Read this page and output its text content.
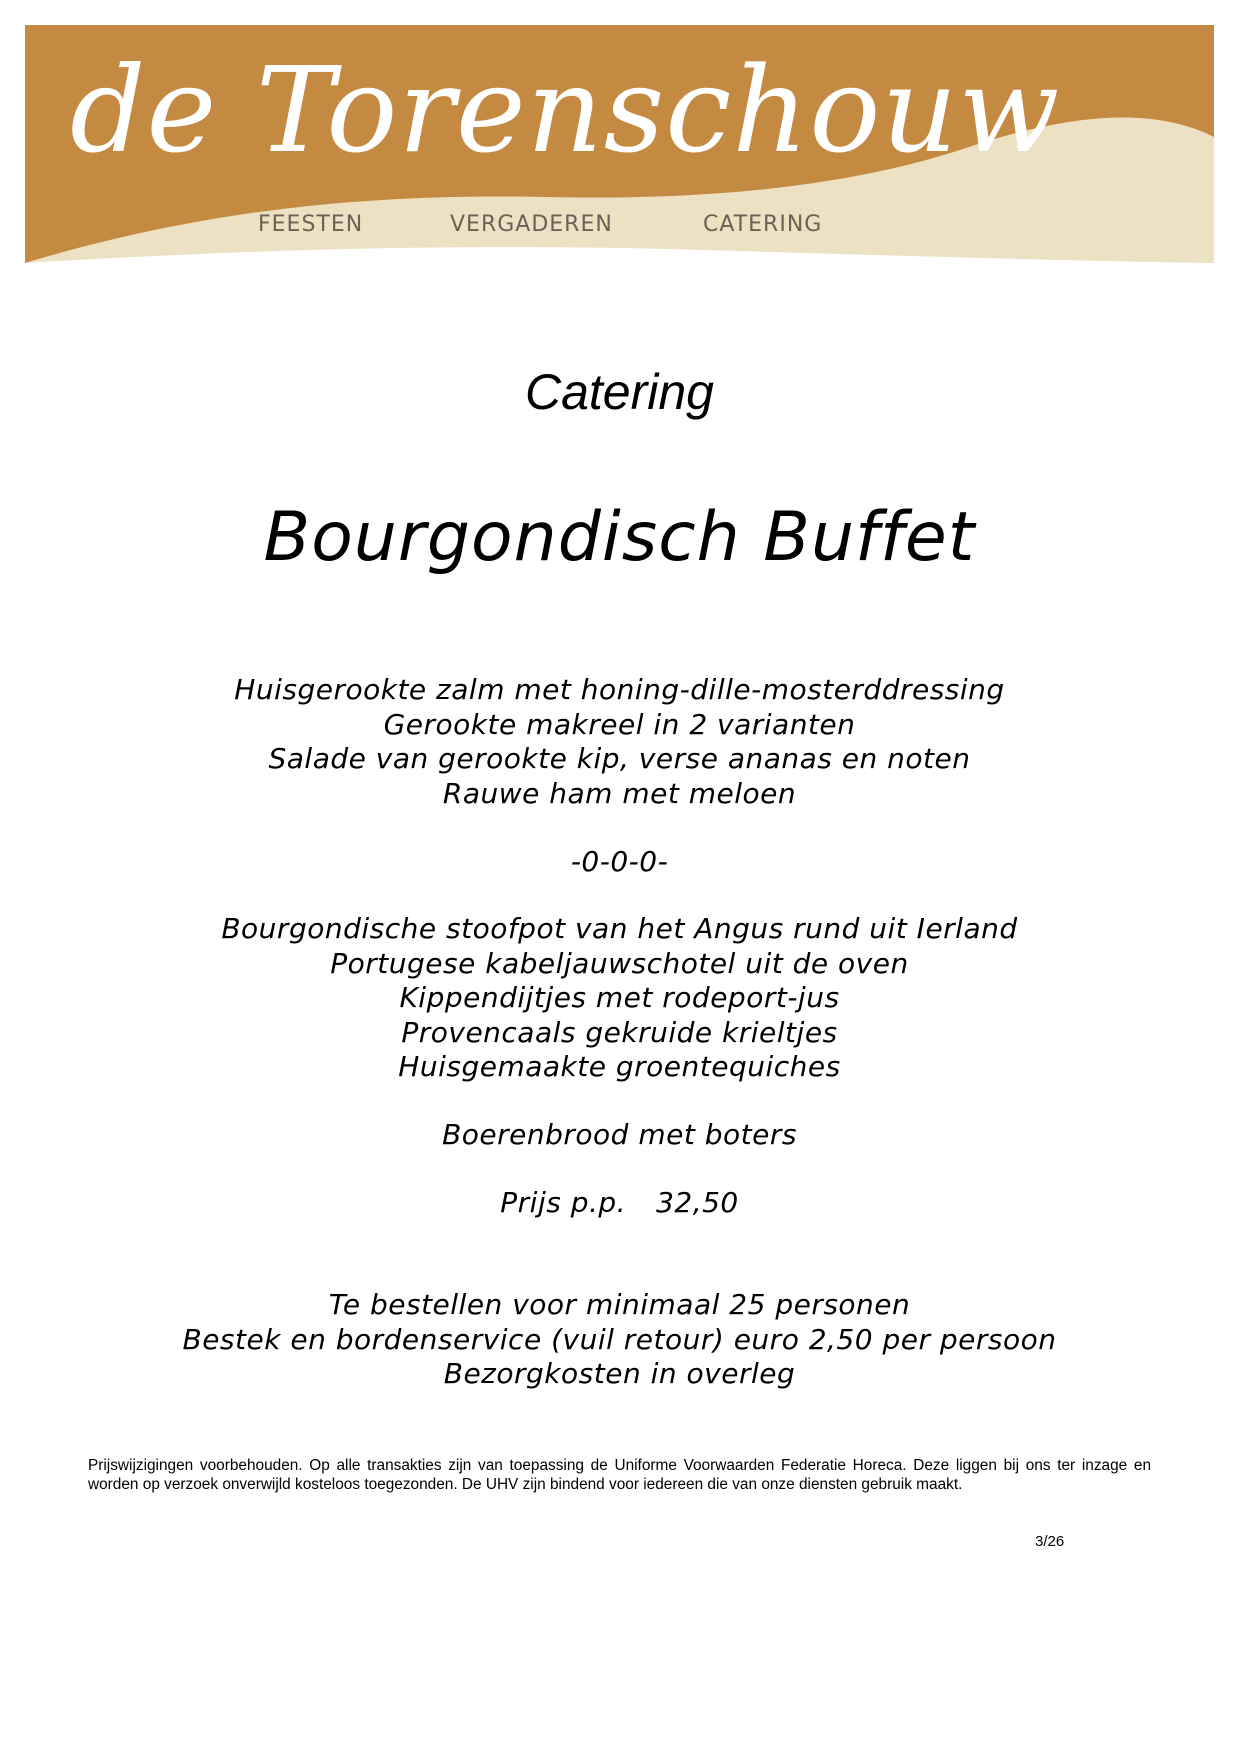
de Torenschouw
FEESTEN	VERGADEREN	CATERING
Catering
Bourgondisch Buffet
Huisgerookte zalm met honing-dille-mosterddressing
Gerookte makreel in 2 varianten
Salade van gerookte kip, verse ananas en noten
Rauwe ham met meloen
-0-0-0-
Bourgondische stoofpot van het Angus rund uit Ierland
Portugese kabeljauwschotel uit de oven
Kippendijtjes met rodeport-jus
Provencaals gekruide krieltjes
Huisgemaakte groentequiches
Boerenbrood met boters
Prijs p.p. 32,50
Te bestellen voor minimaal 25 personen
Bestek en bordenservice (vuil retour) euro 2,50 per persoon
Bezorgkosten in overleg
Prijswijzigingen voorbehouden. Op alle transakties zijn van toepassing de Uniforme Voorwaarden Federatie Horeca. Deze liggen bij ons ter inzage en worden op verzoek onverwijld kosteloos toegezonden. De UHV zijn bindend voor iedereen die van onze diensten gebruik maakt.
3/26
